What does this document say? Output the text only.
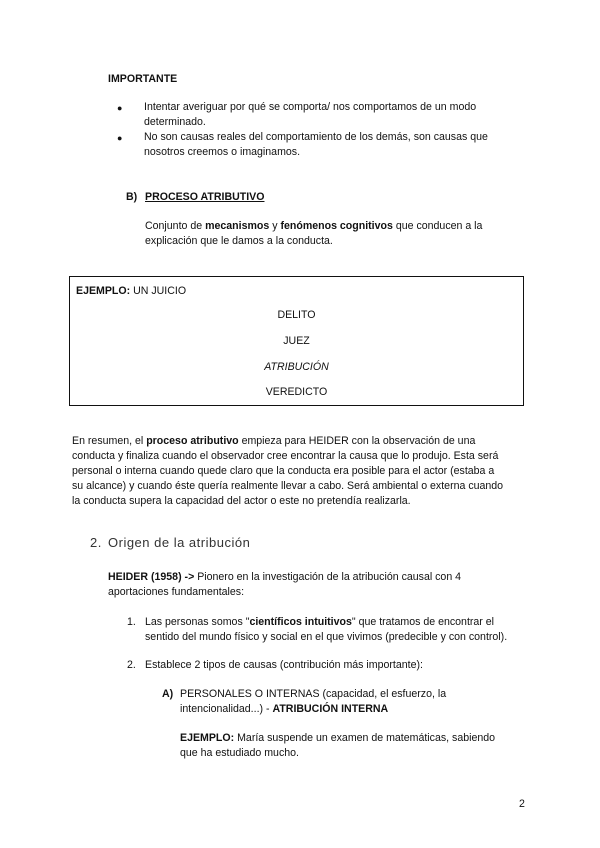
IMPORTANTE
● Intentar averiguar por qué se comporta/ nos comportamos de un modo
determinado.
● No son causas reales del comportamiento de los demás, son causas que
nosotros creemos o imaginamos.
B) PROCESO ATRIBUTIVO
Conjunto de mecanismos y fenómenos cognitivos que conducen a la
explicación que le damos a la conducta.
EJEMPLO: UN JUICIO
DELITO
JUEZ
ATRIBUCIÓN
VEREDICTO
En resumen, el proceso atributivo empieza para HEIDER con la observación de una
conducta y finaliza cuando el observador cree encontrar la causa que lo produjo. Esta será
personal o interna cuando quede claro que la conducta era posible para el actor (estaba a
su alcance) y cuando éste quería realmente llevar a cabo. Será ambiental o externa cuando
la conducta supera la capacidad del actor o este no pretendía realizarla.
2. Origen de la atribución
HEIDER (1958) -> Pionero en la investigación de la atribución causal con 4
aportaciones fundamentales:
1. Las personas somos "científicos intuitivos" que tratamos de encontrar el
sentido del mundo físico y social en el que vivimos (predecible y con control).
2. Establece 2 tipos de causas (contribución más importante):
A) PERSONALES O INTERNAS (capacidad, el esfuerzo, la
intencionalidad...) - ATRIBUCIÓN INTERNA
EJEMPLO: María suspende un examen de matemáticas, sabiendo
que ha estudiado mucho.
2
